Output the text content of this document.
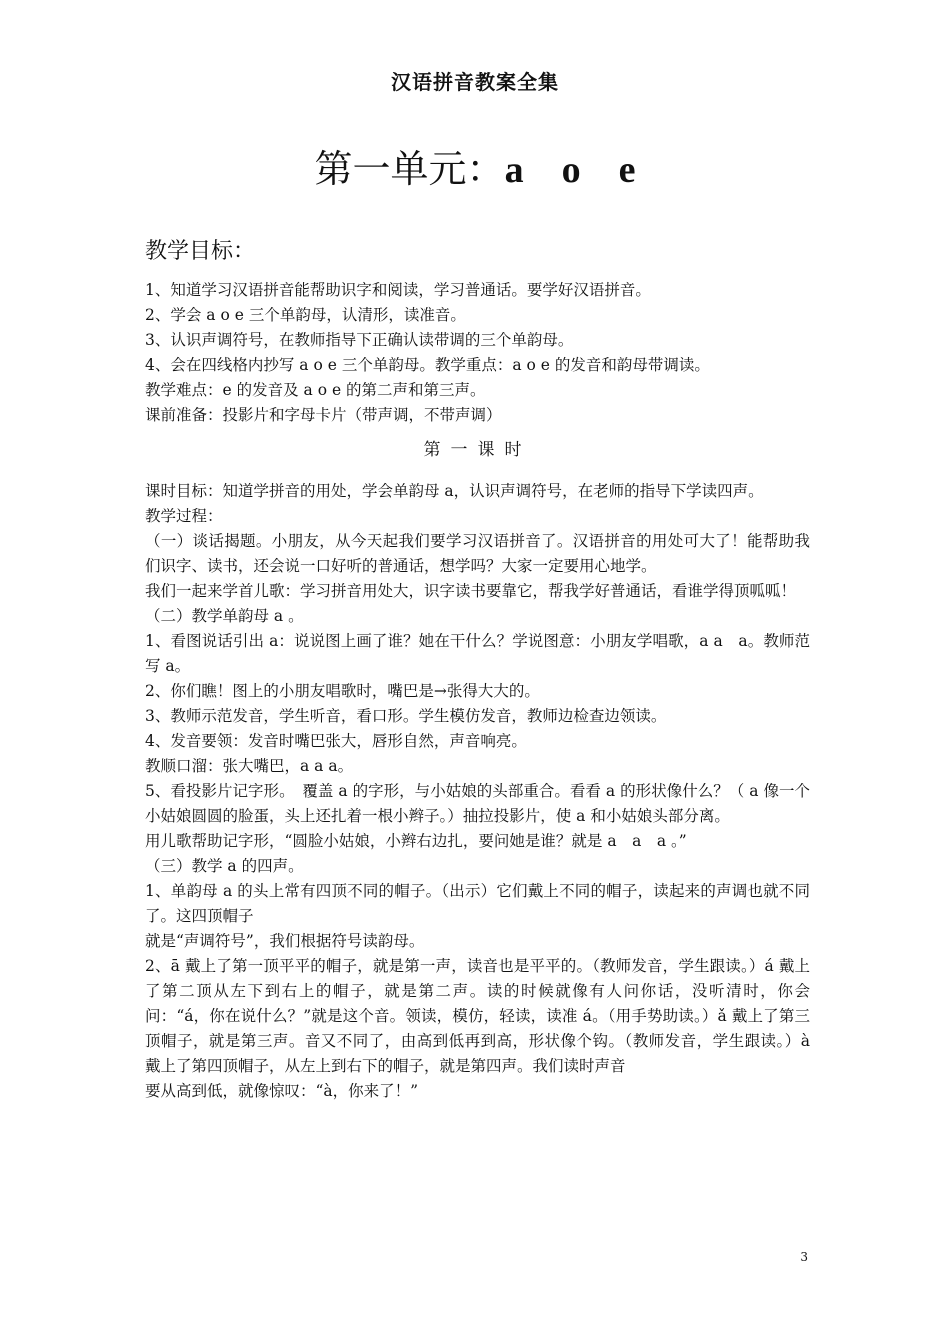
汉语拼音教案全集
第一单元：a　o　e
教学目标：

1、知道学习汉语拼音能帮助识字和阅读，学习普通话。要学好汉语拼音。

2、学会 a o e 三个单韵母，认清形，读准音。

3、认识声调符号，在教师指导下正确认读带调的三个单韵母。

4、会在四线格内抄写 a o e 三个单韵母。教学重点：a o e 的发音和韵母带调读。

教学难点：e 的发音及 a o e 的第二声和第三声。

课前准备：投影片和字母卡片（带声调，不带声调）

第一课时

课时目标：知道学拼音的用处，学会单韵母 a，认识声调符号，在老师的指导下学读四声。

教学过程：

（一）谈话揭题。小朋友，从今天起我们要学习汉语拼音了。汉语拼音的用处可大了！能帮助我们识字、读书，还会说一口好听的普通话，想学吗？大家一定要用心地学。

我们一起来学首儿歌：学习拼音用处大，识字读书要靠它，帮我学好普通话，看谁学得顶呱呱！

（二）教学单韵母 a 。

1、看图说话引出 a：说说图上画了谁？她在干什么？学说图意：小朋友学唱歌，a a　a。教师范写 a。

2、你们瞧！图上的小朋友唱歌时，嘴巴是→张得大大的。

3、教师示范发音，学生听音，看口形。学生模仿发音，教师边检查边领读。

4、发音要领：发音时嘴巴张大，唇形自然，声音响亮。

教顺口溜：张大嘴巴，a a a。

5、看投影片记字形。　覆盖 a 的字形，与小姑娘的头部重合。看看 a 的形状像什么？（ a 像一个小姑娘圆圆的脸蛋，头上还扎着一根小辫子。）抽拉投影片，使 a 和小姑娘头部分离。

用儿歌帮助记字形，“圆脸小姑娘，小辫右边扎，要问她是谁？就是 a　a　a 。”

（三）教学 a 的四声。

1、单韵母 a 的头上常有四顶不同的帽子。（出示）它们戴上不同的帽子，读起来的声调也就不同了。这四顶帽子

就是“声调符号”，我们根据符号读韵母。

2、ā 戴上了第一顶平平的帽子，就是第一声，读音也是平平的。（教师发音，学生跟读。）á 戴上了第二顶从左下到右上的帽子，就是第二声。读的时候就像有人问你话，没听清时，你会问：“á，你在说什么？”就是这个音。领读，模仿，轻读，读准 á。（用手势助读。）ǎ 戴上了第三顶帽子，就是第三声。音又不同了，由高到低再到高，形状像个钩。（教师发音，学生跟读。）à 戴上了第四顶帽子，从左上到右下的帽子，就是第四声。我们读时声音

要从高到低，就像惊叹：“à，你来了！”

3
